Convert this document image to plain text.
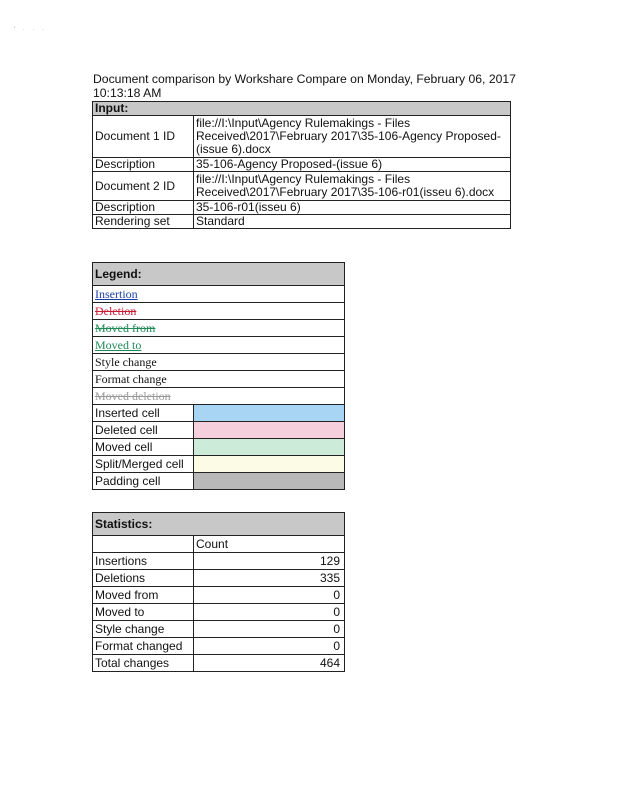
' · · ·
Document comparison by Workshare Compare on Monday, February 06, 2017
10:13:18 AM
Input:	
Document 1 ID	file://I:\Input\Agency Rulemakings - Files Received\2017\February 2017\35-106-Agency Proposed-(issue 6).docx
Description	35-106-Agency Proposed-(issue 6)
Document 2 ID	file://I:\Input\Agency Rulemakings - Files Received\2017\February 2017\35-106-r01(isseu 6).docx
Description	35-106-r01(isseu 6)
Rendering set	Standard
Legend:	
Insertion	
Deletion	
Moved from	
Moved to	
Style change	
Format change	
Moved deletion	
Inserted cell	
Deleted cell	
Moved cell	
Split/Merged cell	
Padding cell	
Statistics:	
	Count
Insertions	129
Deletions	335
Moved from	0
Moved to	0
Style change	0
Format changed	0
Total changes	464
